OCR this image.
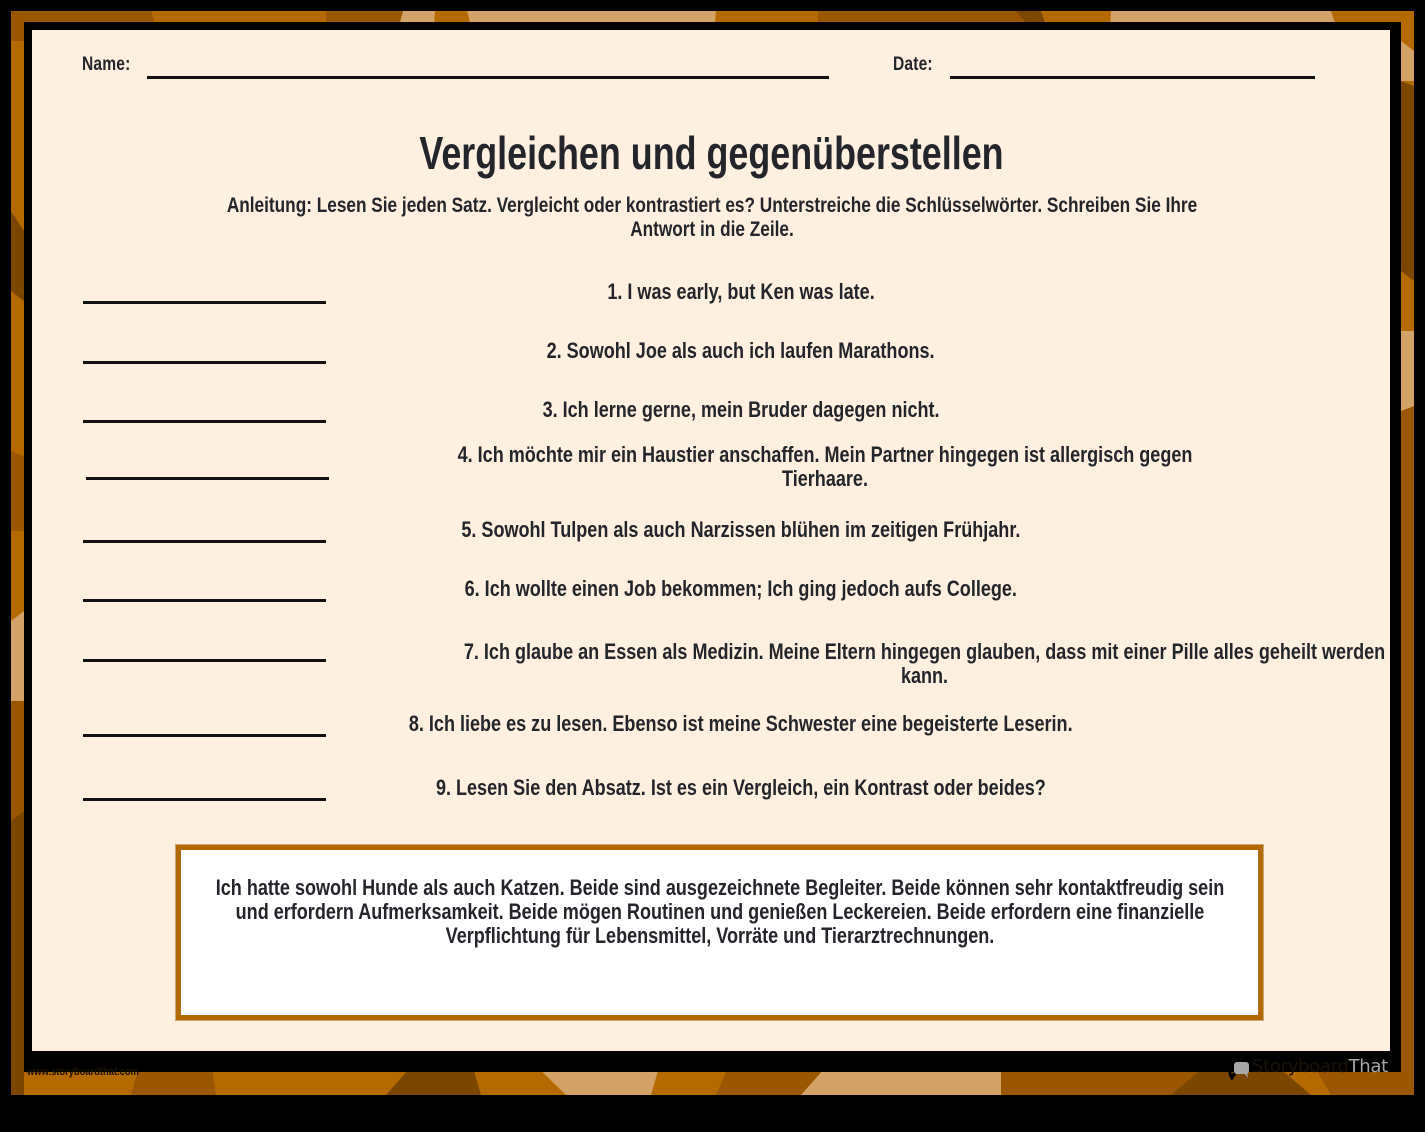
www.storyboardthat.com	StoryboardThat
Name:	Date:
Vergleichen und gegenüberstellen
Anleitung: Lesen Sie jeden Satz. Vergleicht oder kontrastiert es? Unterstreiche die Schlüsselwörter. Schreiben Sie Ihre Antwort in die Zeile.
1. I was early, but Ken was late.
2. Sowohl Joe als auch ich laufen Marathons.
3. Ich lerne gerne, mein Bruder dagegen nicht.
4. Ich möchte mir ein Haustier anschaffen. Mein Partner hingegen ist allergisch gegen Tierhaare.
5. Sowohl Tulpen als auch Narzissen blühen im zeitigen Frühjahr.
6. Ich wollte einen Job bekommen; Ich ging jedoch aufs College.
7. Ich glaube an Essen als Medizin. Meine Eltern hingegen glauben, dass mit einer Pille alles geheilt werden kann.
8. Ich liebe es zu lesen. Ebenso ist meine Schwester eine begeisterte Leserin.
9. Lesen Sie den Absatz. Ist es ein Vergleich, ein Kontrast oder beides?

Ich hatte sowohl Hunde als auch Katzen. Beide sind ausgezeichnete Begleiter. Beide können sehr kontaktfreudig sein und erfordern Aufmerksamkeit. Beide mögen Routinen und genießen Leckereien. Beide erfordern eine finanzielle Verpflichtung für Lebensmittel, Vorräte und Tierarztrechnungen.
